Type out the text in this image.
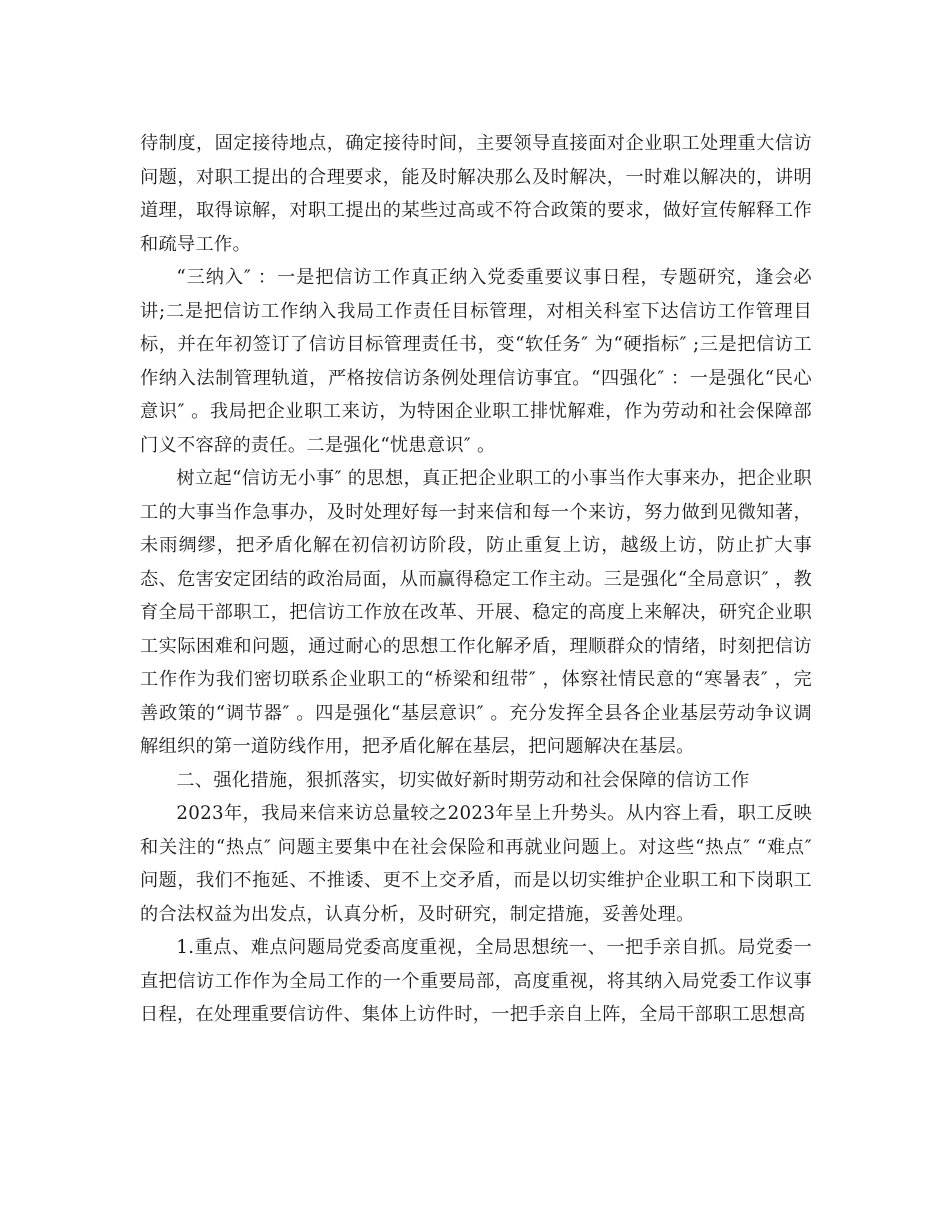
待制度，固定接待地点，确定接待时间，主要领导直接面对企业职工处理重大信访问题，对职工提出的合理要求，能及时解决那么及时解决，一时难以解决的，讲明道理，取得谅解，对职工提出的某些过高或不符合政策的要求，做好宣传解释工作和疏导工作。

“三纳入″ ：一是把信访工作真正纳入党委重要议事日程，专题研究，逢会必讲;二是把信访工作纳入我局工作责任目标管理，对相关科室下达信访工作管理目标，并在年初签订了信访目标管理责任书，变“软任务″ 为“硬指标″ ;三是把信访工作纳入法制管理轨道，严格按信访条例处理信访事宜。“四强化″ ：一是强化“民心意识″ 。我局把企业职工来访，为特困企业职工排忧解难，作为劳动和社会保障部门义不容辞的责任。二是强化“忧患意识″ 。

树立起“信访无小事″ 的思想，真正把企业职工的小事当作大事来办，把企业职工的大事当作急事办，及时处理好每一封来信和每一个来访，努力做到见微知著，未雨绸缪，把矛盾化解在初信初访阶段，防止重复上访，越级上访，防止扩大事态、危害安定团结的政治局面，从而赢得稳定工作主动。三是强化“全局意识″ ，教育全局干部职工，把信访工作放在改革、开展、稳定的高度上来解决，研究企业职工实际困难和问题，通过耐心的思想工作化解矛盾，理顺群众的情绪，时刻把信访工作作为我们密切联系企业职工的“桥梁和纽带″ ，体察社情民意的“寒暑表″ ，完善政策的“调节器″ 。四是强化“基层意识″ 。充分发挥全县各企业基层劳动争议调解组织的第一道防线作用，把矛盾化解在基层，把问题解决在基层。

二、强化措施，狠抓落实，切实做好新时期劳动和社会保障的信访工作

2023年，我局来信来访总量较之2023年呈上升势头。从内容上看，职工反映和关注的“热点″ 问题主要集中在社会保险和再就业问题上。对这些“热点″ “难点″ 问题，我们不拖延、不推诿、更不上交矛盾，而是以切实维护企业职工和下岗职工的合法权益为出发点，认真分析，及时研究，制定措施，妥善处理。

1.重点、难点问题局党委高度重视，全局思想统一、一把手亲自抓。局党委一直把信访工作作为全局工作的一个重要局部，高度重视，将其纳入局党委工作议事日程，在处理重要信访件、集体上访件时，一把手亲自上阵，全局干部职工思想高
